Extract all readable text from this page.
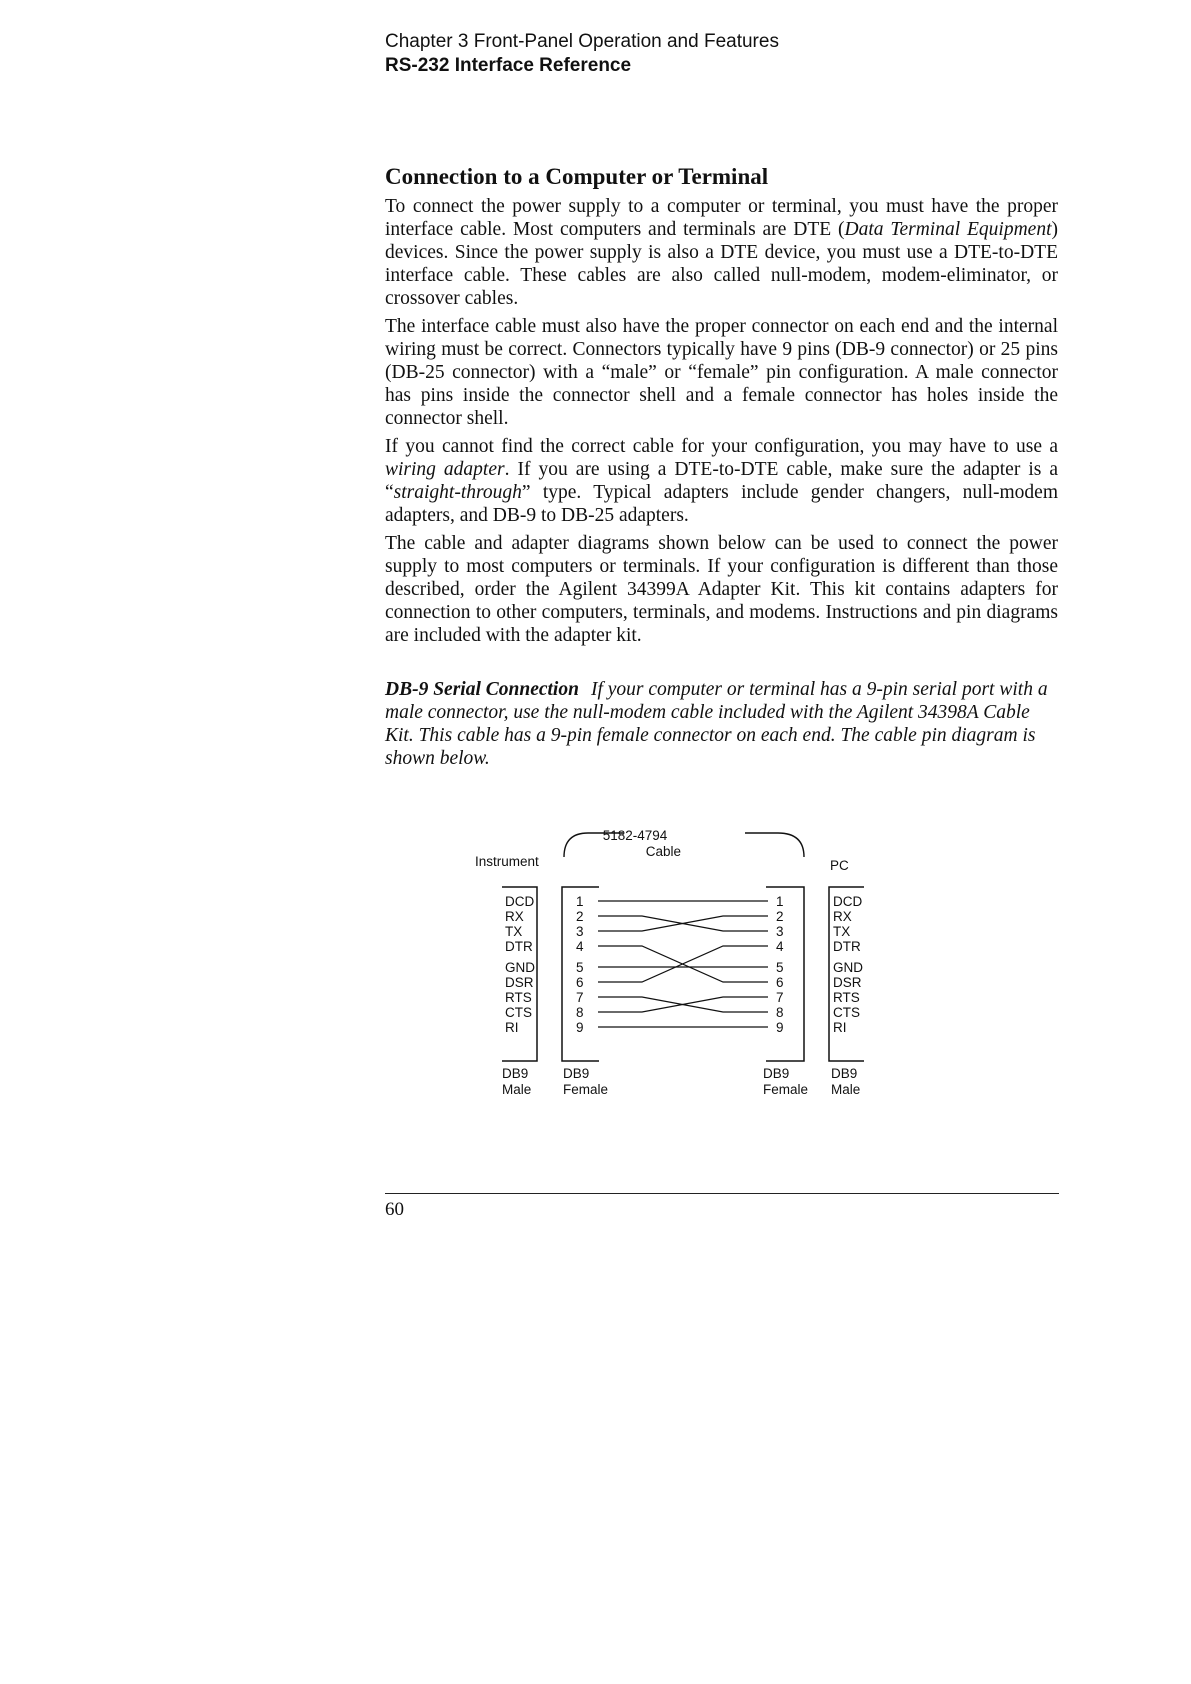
Chapter 3 Front-Panel Operation and Features
RS-232 Interface Reference
Connection to a Computer or Terminal

To connect the power supply to a computer or terminal, you must have the proper interface cable. Most computers and terminals are DTE (Data Terminal Equipment) devices. Since the power supply is also a DTE device, you must use a DTE-to-DTE interface cable. These cables are also called null-modem, modem-eliminator, or crossover cables.

The interface cable must also have the proper connector on each end and the internal wiring must be correct. Connectors typically have 9 pins (DB-9 connector) or 25 pins (DB-25 connector) with a “male” or “female” pin configuration. A male connector has pins inside the connector shell and a female connector has holes inside the connector shell.

If you cannot find the correct cable for your configuration, you may have to use a wiring adapter. If you are using a DTE-to-DTE cable, make sure the adapter is a “straight-through” type. Typical adapters include gender changers, null-modem adapters, and DB-9 to DB-25 adapters.

The cable and adapter diagrams shown below can be used to connect the power supply to most computers or terminals. If your configuration is different than those described, order the Agilent 34399A Adapter Kit. This kit contains adapters for connection to other computers, terminals, and modems. Instructions and pin diagrams are included with the adapter kit.

DB-9 Serial Connection If your computer or terminal has a 9-pin serial port with a male connector, use the null-modem cable included with the Agilent 34398A Cable Kit. This cable has a 9-pin female connector on each end. The cable pin diagram is shown below.

5182-4794
Cable
Instrument	PC
DCD
RX
TX
DTR
GND
DSR
RTS
CTS
RI
1
2
3
4
5
6
7
8
9
1
2
3
4
5
6
7
8
9
DCD
RX
TX
DTR
GND
DSR
RTS
CTS
RI
DB9
Male
DB9
Female
DB9
Female
DB9
Male
60
